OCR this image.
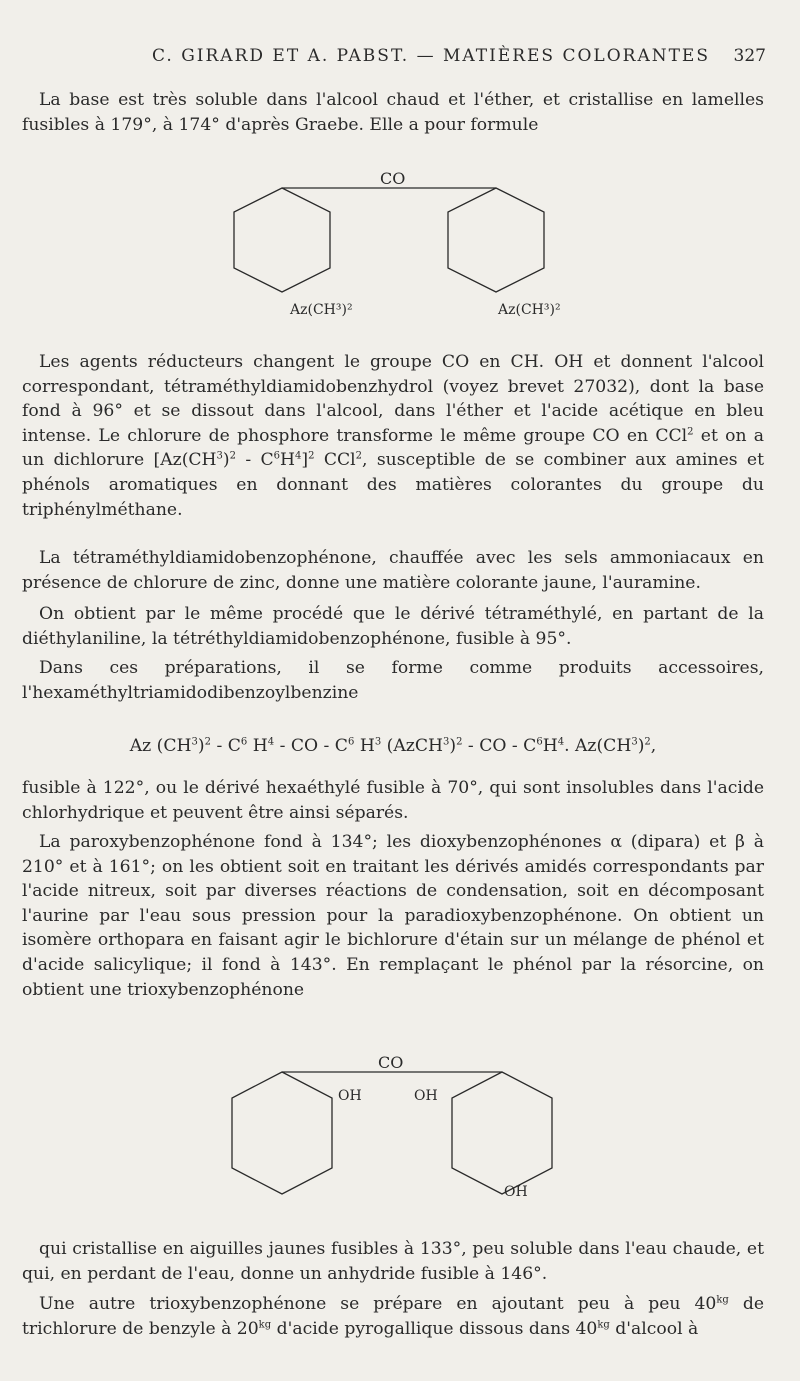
C. GIRARD ET A. PABST. — MATIÈRES COLORANTES 327

La base est très soluble dans l'alcool chaud et l'éther, et cristallise en lamelles fusibles à 179°, à 174° d'après Graebe. Elle a pour formule

CO
Az(CH³)²	Az(CH³)²

Les agents réducteurs changent le groupe CO en CH. OH et donnent l'alcool correspondant, tétraméthyldiamidobenzhydrol (voyez brevet 27032), dont la base fond à 96° et se dissout dans l'alcool, dans l'éther et l'acide acétique en bleu intense. Le chlorure de phosphore transforme le même groupe CO en CCl$^2$ et on a un dichlorure $[Az(CH^3)^2 - C^6H^4]^2$ CCl$^2$, susceptible de se combiner aux amines et phénols aromatiques en donnant des matières colorantes du groupe du triphénylméthane.

La tétraméthyldiamidobenzophénone, chauffée avec les sels ammoniacaux en présence de chlorure de zinc, donne une matière colorante jaune, l'auramine.

On obtient par le même procédé que le dérivé tétraméthylé, en partant de la diéthylaniline, la tétréthyldiamidobenzophénone, fusible à 95°.

Dans ces préparations, il se forme comme produits accessoires, l'hexaméthyltriamidodibenzoylbenzine

Az $(CH^3)^2 - C^6$ $H^4$ - CO - $C^6$ $H^3$ (AzCH$^3$)$^2$ - CO - $C^6H^4$. $Az(CH^3)^2$,

fusible à 122°, ou le dérivé hexaéthylé fusible à 70°, qui sont insolubles dans l'acide chlorhydrique et peuvent être ainsi séparés.

La paroxybenzophénone fond à 134°; les dioxybenzophénones α (dipara) et β à 210° et à 161°; on les obtient soit en traitant les dérivés amidés correspondants par l'acide nitreux, soit par diverses réactions de condensation, soit en décomposant l'aurine par l'eau sous pression pour la paradioxybenzophénone. On obtient un isomère orthopara en faisant agir le bichlorure d'étain sur un mélange de phénol et d'acide salicylique; il fond à 143°. En remplaçant le phénol par la résorcine, on obtient une trioxybenzophénone

CO
OH	OH
OH

qui cristallise en aiguilles jaunes fusibles à 133°, peu soluble dans l'eau chaude, et qui, en perdant de l'eau, donne un anhydride fusible à 146°.

Une autre trioxybenzophénone se prépare en ajoutant peu à peu $40^{kg}$ de trichlorure de benzyle à $20^{kg}$ d'acide pyrogallique dissous dans $40^{kg}$ d'alcool à
